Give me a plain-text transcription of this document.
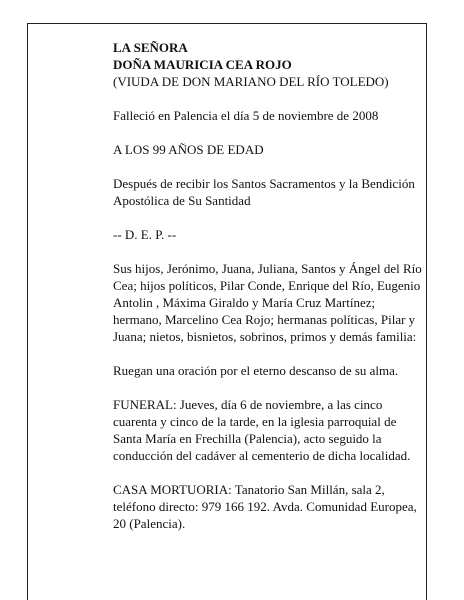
LA SEÑORA
DOÑA MAURICIA CEA ROJO
(VIUDA DE DON MARIANO DEL RÍO TOLEDO)

Falleció en Palencia el día 5 de noviembre de 2008

A LOS 99 AÑOS DE EDAD

Después de recibir los Santos Sacramentos y la Bendición Apostólica de Su Santidad

-- D. E. P. --

Sus hijos, Jerónimo, Juana, Juliana, Santos y Ángel del Río Cea; hijos políticos, Pilar Conde, Enrique del Río, Eugenio Antolin , Máxima Giraldo y María Cruz Martínez; hermano, Marcelino Cea Rojo; hermanas políticas, Pilar y Juana; nietos, bisnietos, sobrinos, primos y demás familia:

Ruegan una oración por el eterno descanso de su alma.

FUNERAL: Jueves, día 6 de noviembre, a las cinco cuarenta y cinco de la tarde, en la iglesia parroquial de Santa María en Frechilla (Palencia), acto seguido la conducción del cadáver al cementerio de dicha localidad.

CASA MORTUORIA: Tanatorio San Millán, sala 2, teléfono directo: 979 166 192. Avda. Comunidad Europea, 20 (Palencia).
